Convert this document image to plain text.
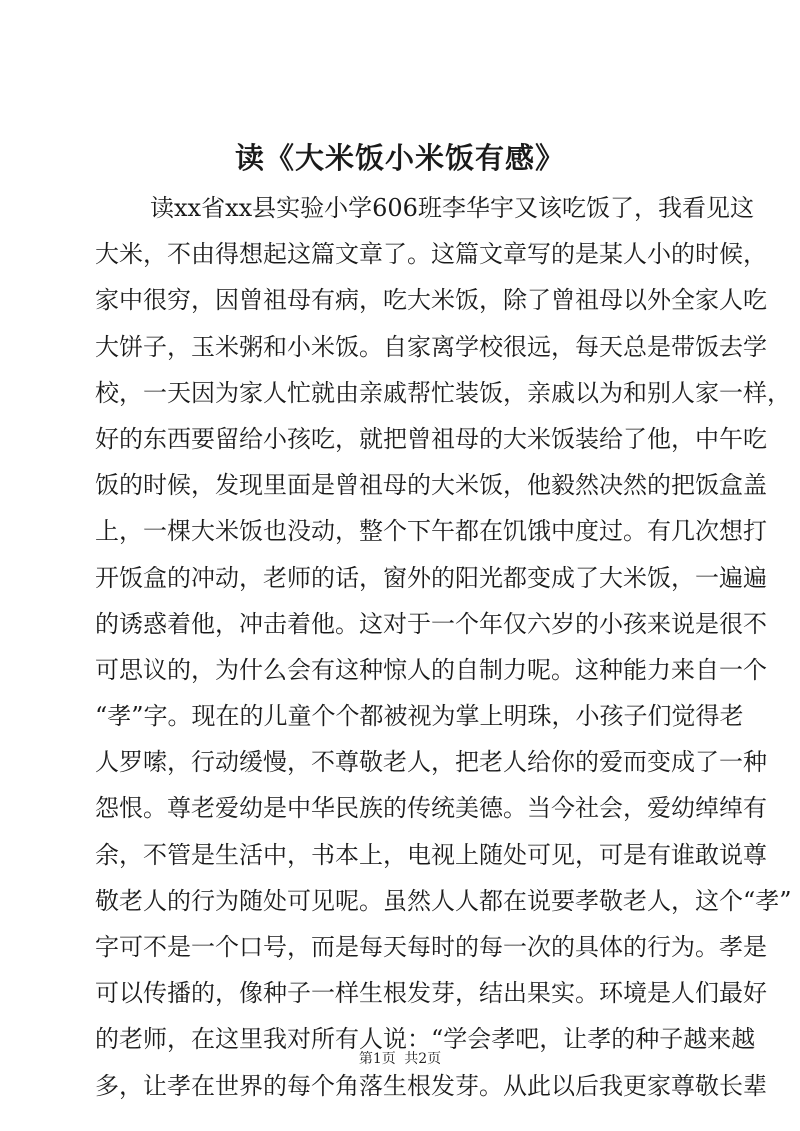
读《大米饭小米饭有感》
读xx省xx县实验小学606班李华宇又该吃饭了，我看见这
大米，不由得想起这篇文章了。这篇文章写的是某人小的时候，
家中很穷，因曾祖母有病，吃大米饭，除了曾祖母以外全家人吃
大饼子，玉米粥和小米饭。自家离学校很远，每天总是带饭去学
校，一天因为家人忙就由亲戚帮忙装饭，亲戚以为和别人家一样，
好的东西要留给小孩吃，就把曾祖母的大米饭装给了他，中午吃
饭的时候，发现里面是曾祖母的大米饭，他毅然决然的把饭盒盖
上，一棵大米饭也没动，整个下午都在饥饿中度过。有几次想打
开饭盒的冲动，老师的话，窗外的阳光都变成了大米饭，一遍遍
的诱惑着他，冲击着他。这对于一个年仅六岁的小孩来说是很不
可思议的，为什么会有这种惊人的自制力呢。这种能力来自一个
“孝”字。现在的儿童个个都被视为掌上明珠，小孩子们觉得老
人罗嗦，行动缓慢，不尊敬老人，把老人给你的爱而变成了一种
怨恨。尊老爱幼是中华民族的传统美德。当今社会，爱幼绰绰有
余，不管是生活中，书本上，电视上随处可见，可是有谁敢说尊
敬老人的行为随处可见呢。虽然人人都在说要孝敬老人，这个“孝”
字可不是一个口号，而是每天每时的每一次的具体的行为。孝是
可以传播的，像种子一样生根发芽，结出果实。环境是人们最好
的老师，在这里我对所有人说：“学会孝吧，让孝的种子越来越
多，让孝在世界的每个角落生根发芽。从此以后我更家尊敬长辈
第1页 共2页
